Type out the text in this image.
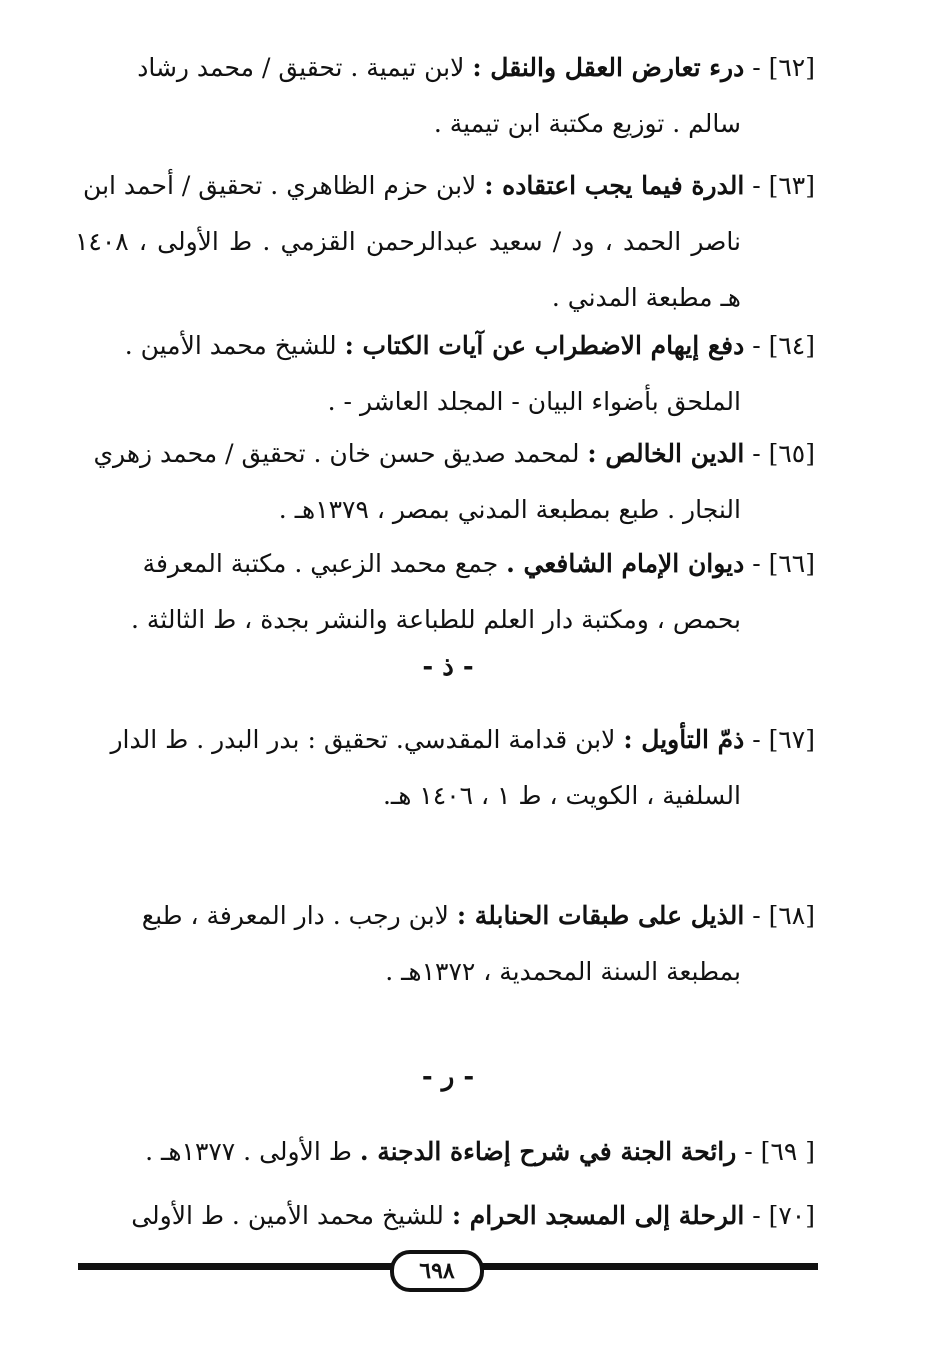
[٦٢] - درء تعارض العقل والنقل : لابن تيمية . تحقيق / محمد رشاد
سالم . توزيع مكتبة ابن تيمية .
[٦٣] - الدرة فيما يجب اعتقاده : لابن حزم الظاهري . تحقيق / أحمد ابن
ناصر الحمد ، ود / سعيد عبدالرحمن القزمي . ط الأولى ، ١٤٠٨ هـ مطبعة المدني .
[٦٤] - دفع إيهام الاضطراب عن آيات الكتاب : للشيخ محمد الأمين .
الملحق بأضواء البيان - المجلد العاشر - .
[٦٥] - الدين الخالص : لمحمد صديق حسن خان . تحقيق / محمد زهري
النجار . طبع بمطبعة المدني بمصر ، ١٣٧٩هـ .
[٦٦] - ديوان الإمام الشافعي . جمع محمد الزعبي . مكتبة المعرفة
بحمص ، ومكتبة دار العلم للطباعة والنشر بجدة ، ط الثالثة .
- ذ -
[٦٧] - ذمّ التأويل : لابن قدامة المقدسي. تحقيق : بدر البدر . ط الدار
السلفية ، الكويت ، ط ١ ، ١٤٠٦ هـ.
[٦٨] - الذيل على طبقات الحنابلة : لابن رجب . دار المعرفة ، طبع
بمطبعة السنة المحمدية ، ١٣٧٢هـ .
- ر -
[ ٦٩] - رائحة الجنة في شرح إضاءة الدجنة . ط الأولى . ١٣٧٧هـ .
[٧٠] - الرحلة إلى المسجد الحرام : للشيخ محمد الأمين . ط الأولى
٦٩٨
